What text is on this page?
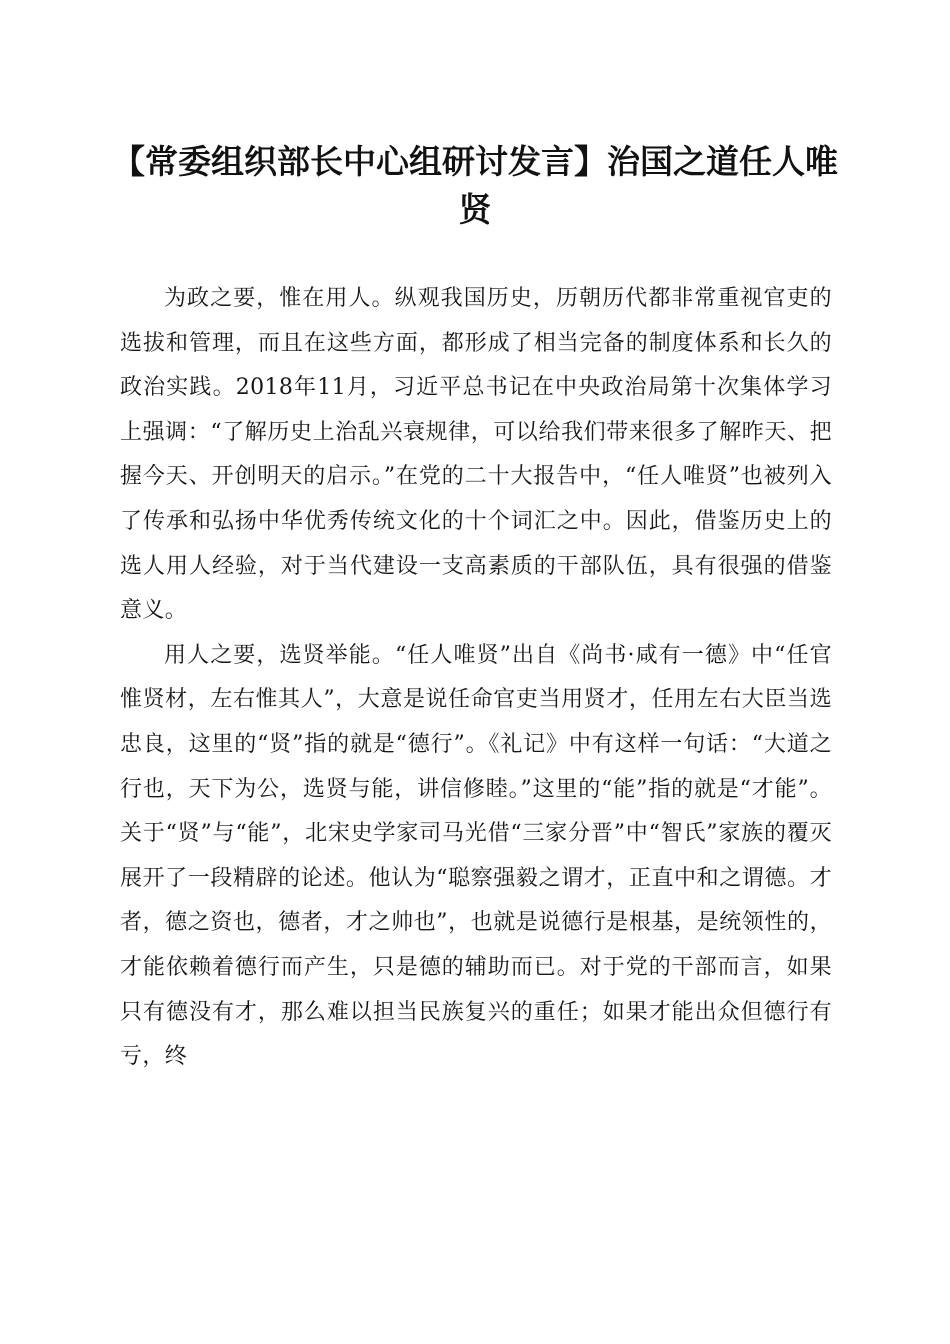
【常委组织部长中心组研讨发言】治国之道任人唯贤

为政之要，惟在用人。纵观我国历史，历朝历代都非常重视官吏的选拔和管理，而且在这些方面，都形成了相当完备的制度体系和长久的政治实践。2018年11月，习近平总书记在中央政治局第十次集体学习上强调：“了解历史上治乱兴衰规律，可以给我们带来很多了解昨天、把握今天、开创明天的启示。”在党的二十大报告中，“任人唯贤”也被列入了传承和弘扬中华优秀传统文化的十个词汇之中。因此，借鉴历史上的选人用人经验，对于当代建设一支高素质的干部队伍，具有很强的借鉴意义。

用人之要，选贤举能。“任人唯贤”出自《尚书·咸有一德》中“任官惟贤材，左右惟其人”，大意是说任命官吏当用贤才，任用左右大臣当选忠良，这里的“贤”指的就是“德行”。《礼记》中有这样一句话：“大道之行也，天下为公，选贤与能，讲信修睦。”这里的“能”指的就是“才能”。关于“贤”与“能”，北宋史学家司马光借“三家分晋”中“智氏”家族的覆灭展开了一段精辟的论述。他认为“聪察强毅之谓才，正直中和之谓德。才者，德之资也，德者，才之帅也”，也就是说德行是根基，是统领性的，才能依赖着德行而产生，只是德的辅助而已。对于党的干部而言，如果只有德没有才，那么难以担当民族复兴的重任；如果才能出众但德行有亏，终
